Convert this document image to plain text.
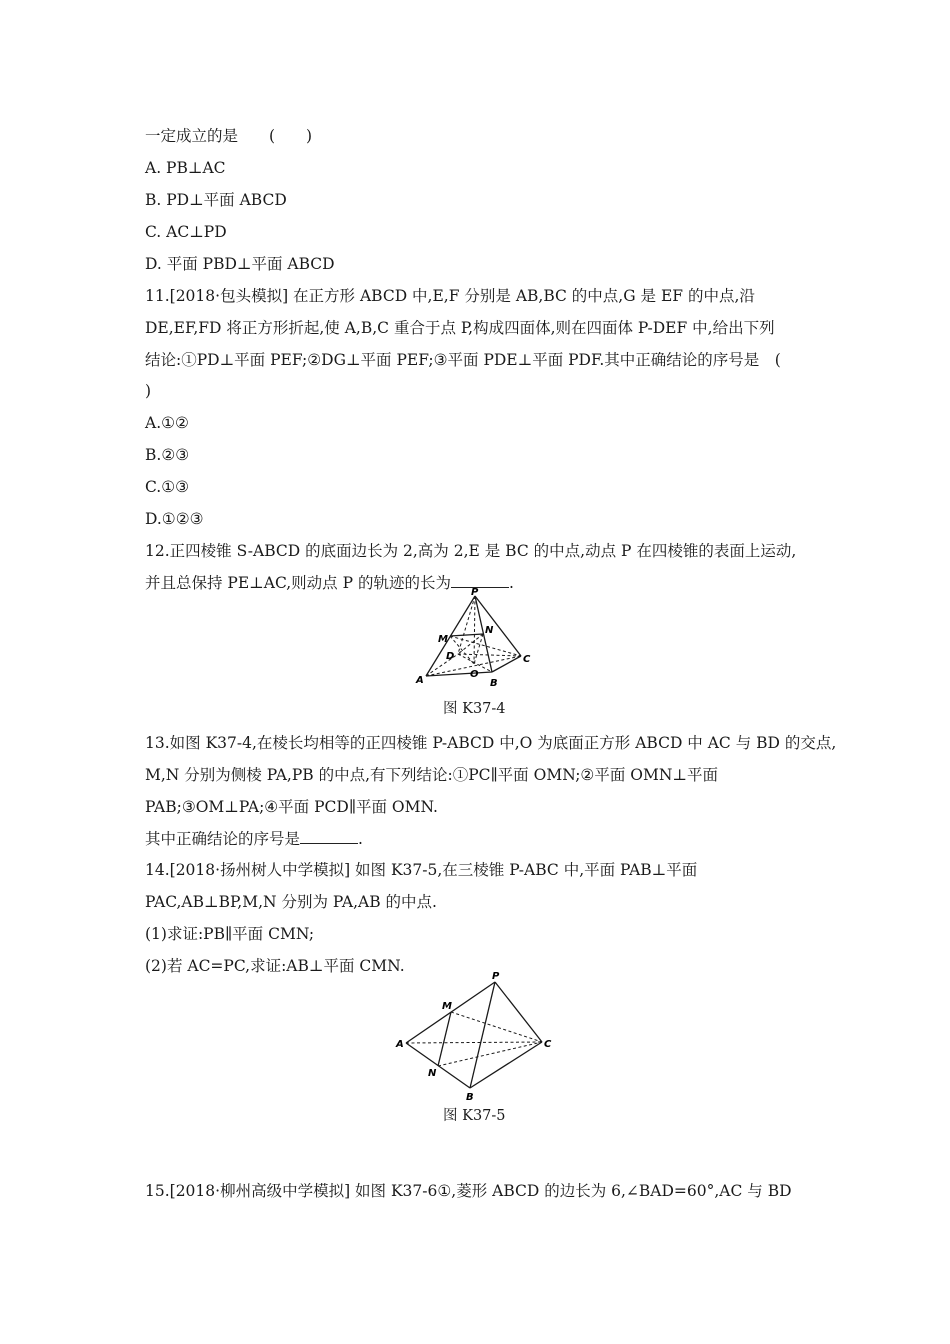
一定成立的是　　(　　)
A. PB⊥AC
B. PD⊥平面 ABCD
C. AC⊥PD
D. 平面 PBD⊥平面 ABCD
11.[2018·包头模拟] 在正方形 ABCD 中,E,F 分别是 AB,BC 的中点,G 是 EF 的中点,沿
DE,EF,FD 将正方形折起,使 A,B,C 重合于点 P,构成四面体,则在四面体 P-DEF 中,给出下列
结论:①PD⊥平面 PEF;②DG⊥平面 PEF;③平面 PDE⊥平面 PDF.其中正确结论的序号是　(
)
A.①②
B.②③
C.①③
D.①②③
12.正四棱锥 S-ABCD 的底面边长为 2,高为 2,E 是 BC 的中点,动点 P 在四棱锥的表面上运动,
并且总保持 PE⊥AC,则动点 P 的轨迹的长为	.
P
M
N
D	C
A
O
B
图 K37-4
13.如图 K37-4,在棱长均相等的正四棱锥 P-ABCD 中,O 为底面正方形 ABCD 中 AC 与 BD 的交点,
M,N 分别为侧棱 PA,PB 的中点,有下列结论:①PC∥平面 OMN;②平面 OMN⊥平面
PAB;③OM⊥PA;④平面 PCD∥平面 OMN.
其中正确结论的序号是	.
14.[2018·扬州树人中学模拟] 如图 K37-5,在三棱锥 P-ABC 中,平面 PAB⊥平面
PAC,AB⊥BP,M,N 分别为 PA,AB 的中点.
(1)求证:PB∥平面 CMN;
(2)若 AC=PC,求证:AB⊥平面 CMN.
P
M
A	C
N
B
图 K37-5
15.[2018·柳州高级中学模拟] 如图 K37-6①,菱形 ABCD 的边长为 6,∠BAD=60°,AC 与 BD
